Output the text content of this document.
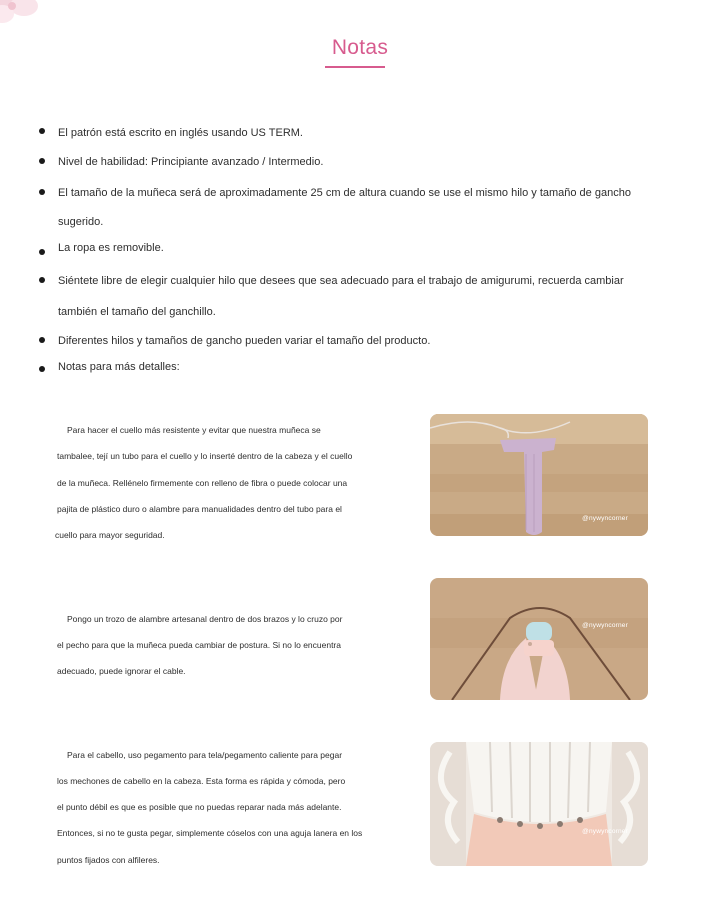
Notas
El patrón está escrito en inglés usando US TERM.
Nivel de habilidad: Principiante avanzado / Intermedio.
El tamaño de la muñeca será de aproximadamente 25 cm de altura cuando se use el mismo hilo y tamaño de gancho
sugerido.
La ropa es removible.
Siéntete libre de elegir cualquier hilo que desees que sea adecuado para el trabajo de amigurumi, recuerda cambiar
también el tamaño del ganchillo.
Diferentes hilos y tamaños de gancho pueden variar el tamaño del producto.
Notas para más detalles:
Para hacer el cuello más resistente y evitar que nuestra muñeca se
tambalee, tejí un tubo para el cuello y lo inserté dentro de la cabeza y el cuello
de la muñeca. Rellénelo firmemente con relleno de fibra o puede colocar una
pajita de plástico duro o alambre para manualidades dentro del tubo para el
cuello para mayor seguridad.
@nywyncorner
Pongo un trozo de alambre artesanal dentro de dos brazos y lo cruzo por
el pecho para que la muñeca pueda cambiar de postura. Si no lo encuentra
adecuado, puede ignorar el cable.
@nywyncorner
Para el cabello, uso pegamento para tela/pegamento caliente para pegar
los mechones de cabello en la cabeza. Esta forma es rápida y cómoda, pero
el punto débil es que es posible que no puedas reparar nada más adelante.
Entonces, si no te gusta pegar, simplemente cóselos con una aguja lanera en los
puntos fijados con alfileres.
@nywyncorner
